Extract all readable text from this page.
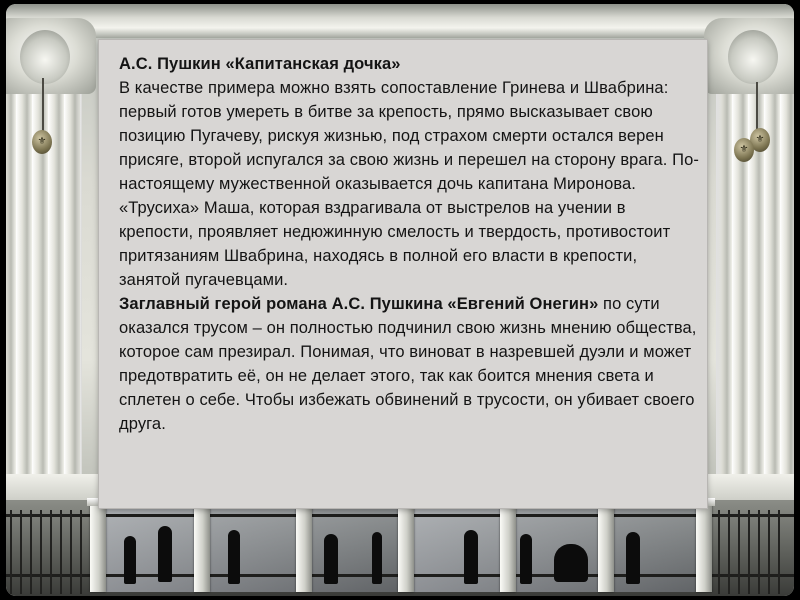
⚜	⚜
⚜

А.С. Пушкин «Капитанская дочка»

В качестве примера можно взять сопоставление Гринева и Швабрина: первый готов умереть в битве за крепость, прямо высказывает свою позицию Пугачеву, рискуя жизнью, под страхом смерти остался верен присяге, второй испугался за свою жизнь и перешел на сторону врага. По-настоящему мужественной оказывается дочь капитана Миронова. «Трусиха» Маша, которая вздрагивала от выстрелов на учении в крепости, проявляет недюжинную смелость и твердость, противостоит притязаниям Швабрина, находясь в полной его власти в крепости, занятой пугачевцами.

Заглавный герой романа А.С. Пушкина «Евгений Онегин» по сути оказался трусом – он полностью подчинил свою жизнь мнению общества, которое сам презирал. Понимая, что виноват в назревшей дуэли и может предотвратить её, он не делает этого, так как боится мнения света и сплетен о себе. Чтобы избежать обвинений в трусости, он убивает своего друга.
